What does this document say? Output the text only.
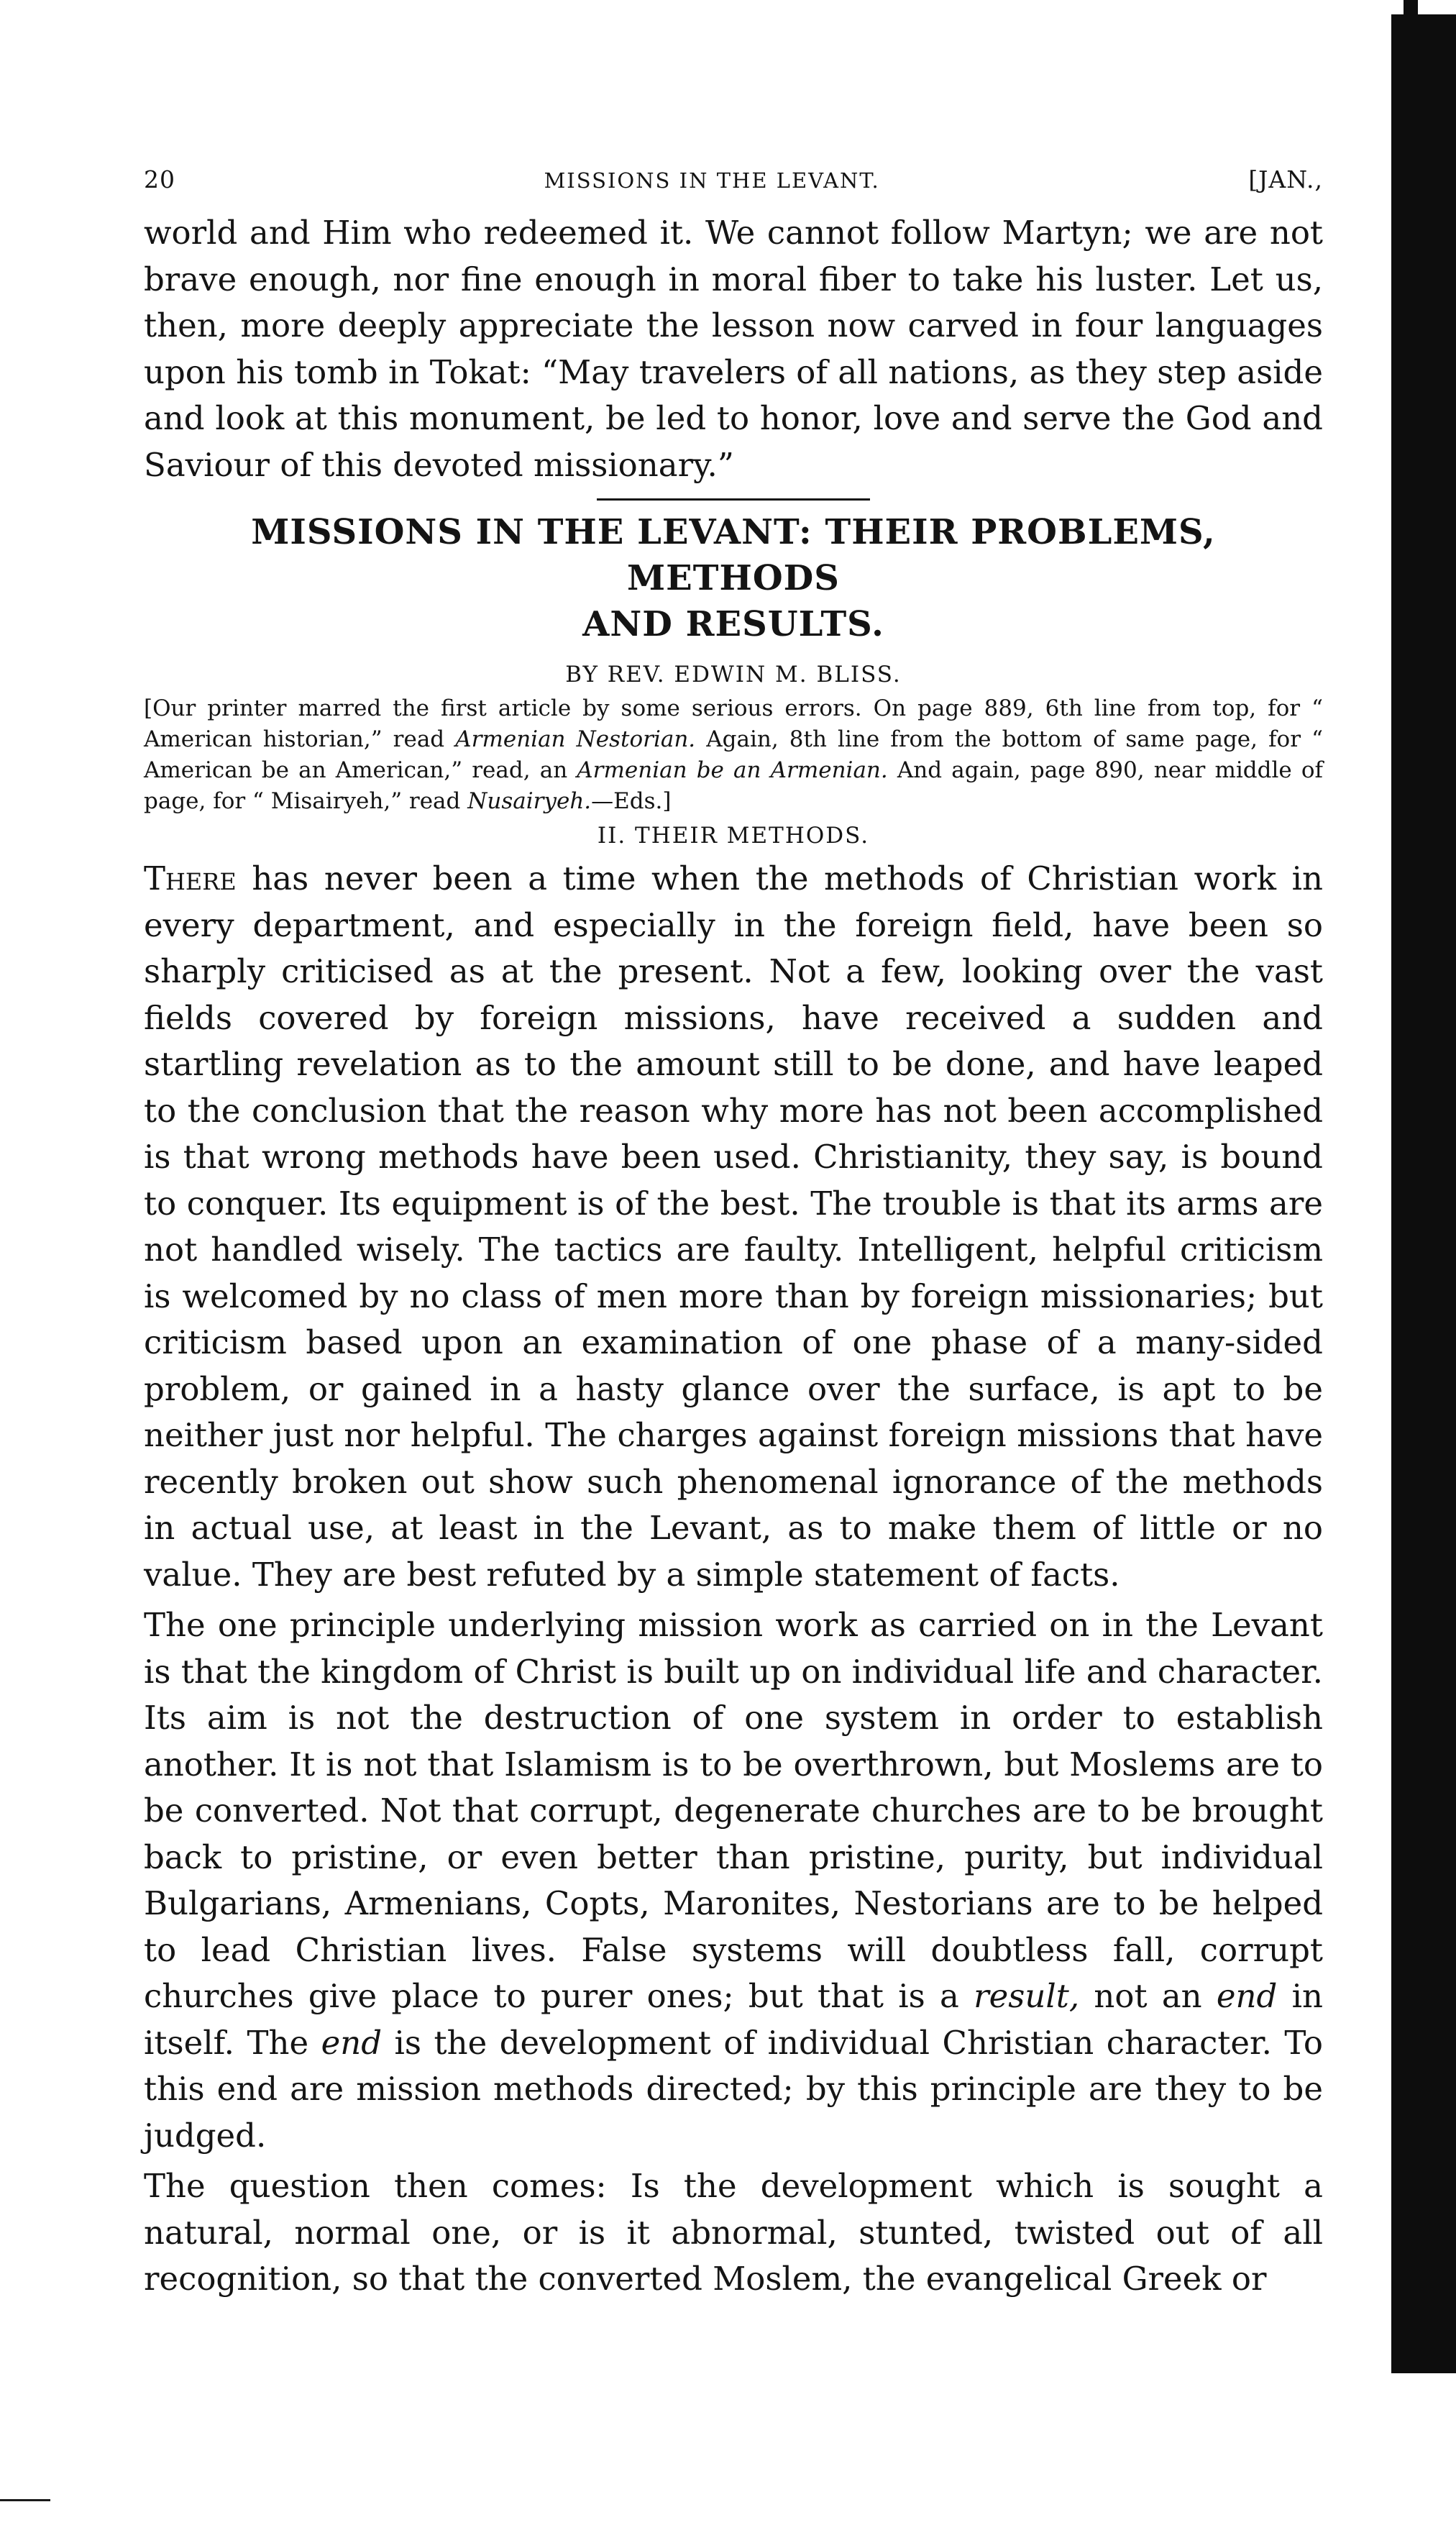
20	MISSIONS IN THE LEVANT.	[JAN.,

world and Him who redeemed it. We cannot follow Martyn; we are not brave enough, nor fine enough in moral fiber to take his luster. Let us, then, more deeply appreciate the lesson now carved in four languages upon his tomb in Tokat: “May travelers of all nations, as they step aside and look at this monument, be led to honor, love and serve the God and Saviour of this devoted missionary.”

MISSIONS IN THE LEVANT: THEIR PROBLEMS, METHODS
AND RESULTS.
BY REV. EDWIN M. BLISS.

[Our printer marred the first article by some serious errors. On page 889, 6th line from top, for “ American historian,” read Armenian Nestorian. Again, 8th line from the bottom of same page, for “ American be an American,” read, an Armenian be an Armenian. And again, page 890, near middle of page, for “ Misairyeh,” read Nusairyeh.—Eds.]

II. THEIR METHODS.

There has never been a time when the methods of Christian work in every department, and especially in the foreign field, have been so sharply criticised as at the present. Not a few, looking over the vast fields covered by foreign missions, have received a sudden and startling revelation as to the amount still to be done, and have leaped to the conclusion that the reason why more has not been accomplished is that wrong methods have been used. Christianity, they say, is bound to conquer. Its equipment is of the best. The trouble is that its arms are not handled wisely. The tactics are faulty. Intelligent, helpful criticism is welcomed by no class of men more than by foreign missionaries; but criticism based upon an examination of one phase of a many-sided problem, or gained in a hasty glance over the surface, is apt to be neither just nor helpful. The charges against foreign missions that have recently broken out show such phenomenal ignorance of the methods in actual use, at least in the Levant, as to make them of little or no value. They are best refuted by a simple statement of facts.

The one principle underlying mission work as carried on in the Levant is that the kingdom of Christ is built up on individual life and character. Its aim is not the destruction of one system in order to establish another. It is not that Islamism is to be overthrown, but Moslems are to be converted. Not that corrupt, degenerate churches are to be brought back to pristine, or even better than pristine, purity, but individual Bulgarians, Armenians, Copts, Maronites, Nestorians are to be helped to lead Christian lives. False systems will doubtless fall, corrupt churches give place to purer ones; but that is a result, not an end in itself. The end is the development of individual Christian character. To this end are mission methods directed; by this principle are they to be judged.

The question then comes: Is the development which is sought a natural, normal one, or is it abnormal, stunted, twisted out of all recognition, so that the converted Moslem, the evangelical Greek or
